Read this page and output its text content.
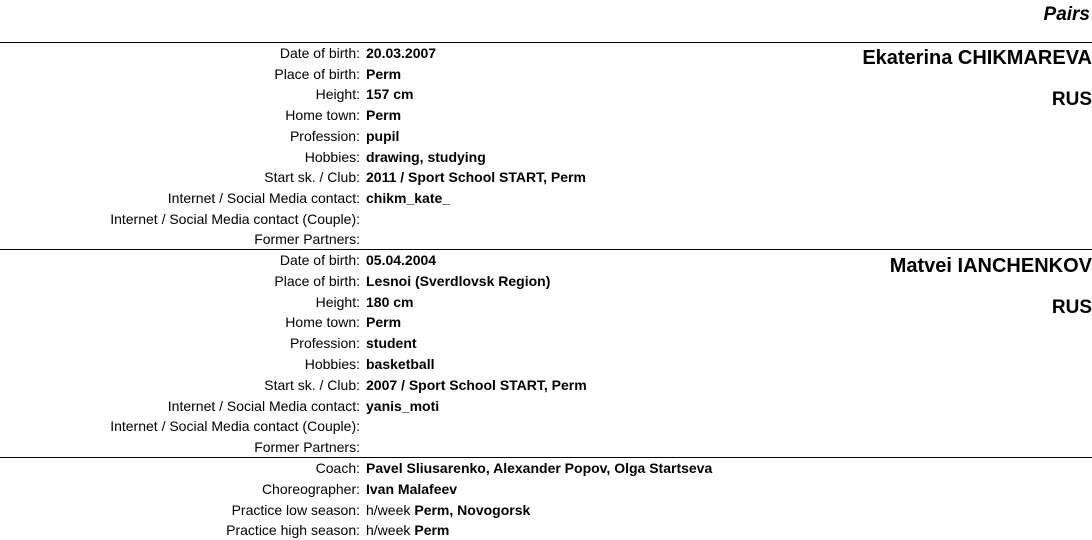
Pairs
Ekaterina CHIKMAREVA
RUS
Date of birth: 20.03.2007
Place of birth: Perm
Height: 157 cm
Home town: Perm
Profession: pupil
Hobbies: drawing, studying
Start sk. / Club: 2011 / Sport School START, Perm
Internet / Social Media contact: chikm_kate_
Internet / Social Media contact (Couple):
Former Partners:
Matvei IANCHENKOV
RUS
Date of birth: 05.04.2004
Place of birth: Lesnoi (Sverdlovsk Region)
Height: 180 cm
Home town: Perm
Profession: student
Hobbies: basketball
Start sk. / Club: 2007 / Sport School START, Perm
Internet / Social Media contact: yanis_moti
Internet / Social Media contact (Couple):
Former Partners:
Coach: Pavel Sliusarenko, Alexander Popov, Olga Startseva
Choreographer: Ivan Malafeev
Practice low season: h/week Perm, Novogorsk
Practice high season: h/week Perm
